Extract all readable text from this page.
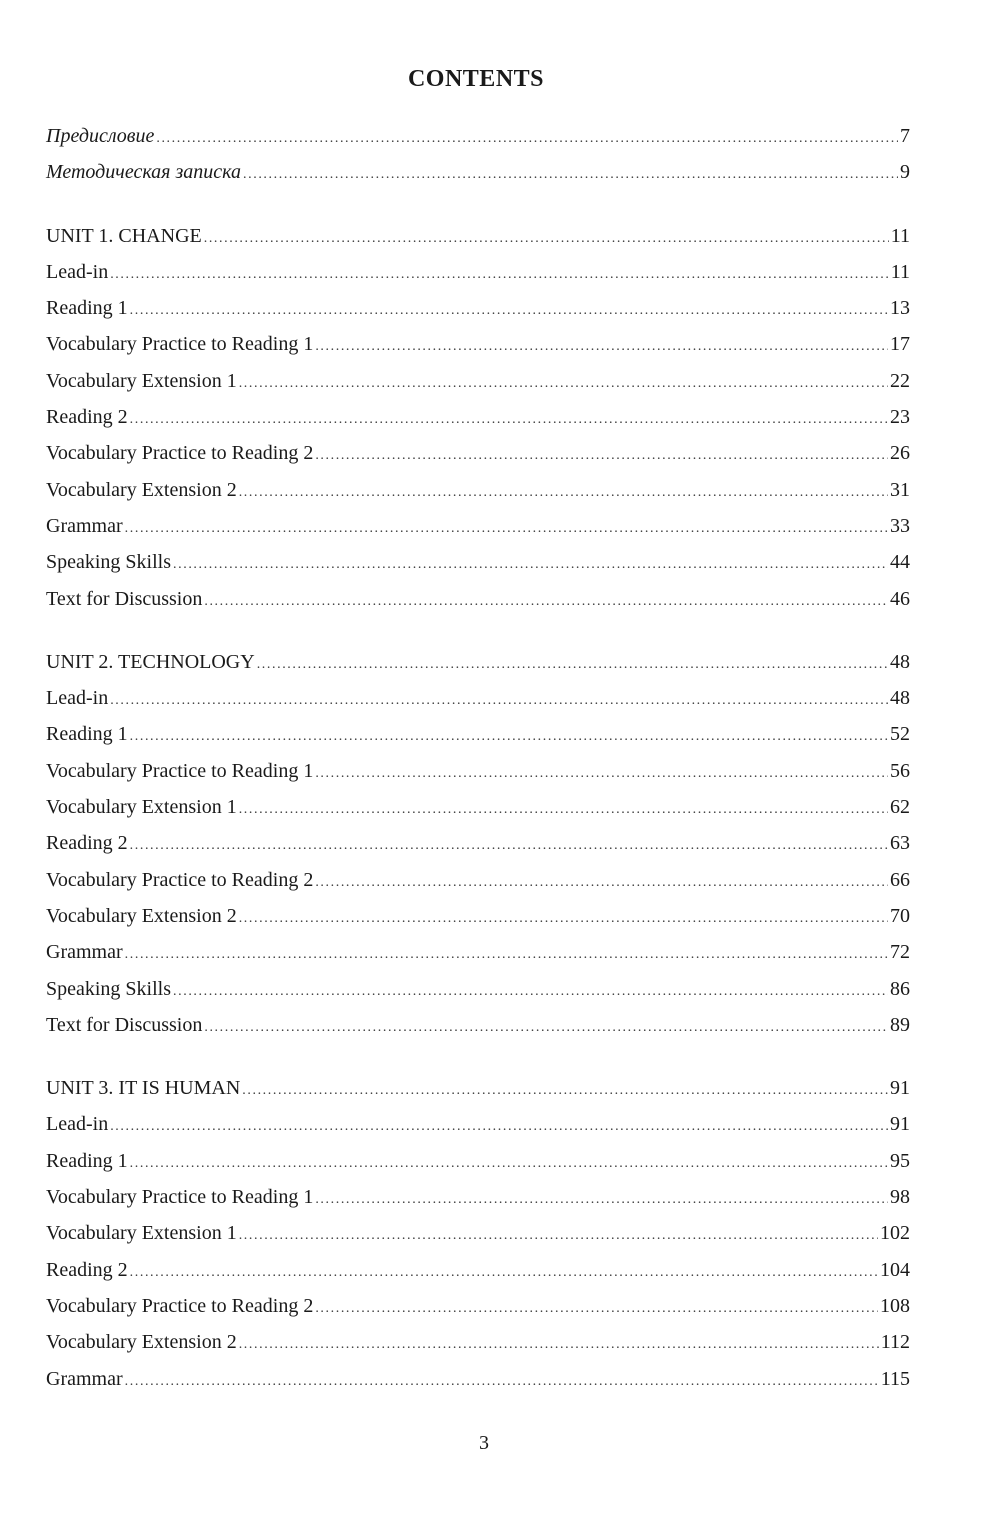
CONTENTS
Предисловие .....	7
Методическая записка .....	9
UNIT 1. CHANGE .....	11
Lead-in .....	11
Reading 1 .....	13
Vocabulary Practice to Reading 1 .....	17
Vocabulary Extension 1 .....	22
Reading 2 .....	23
Vocabulary Practice to Reading 2 .....	26
Vocabulary Extension 2 .....	31
Grammar .....	33
Speaking Skills .....	44
Text for Discussion .....	46
UNIT 2. TECHNOLOGY .....	48
Lead-in .....	48
Reading 1 .....	52
Vocabulary Practice to Reading 1 .....	56
Vocabulary Extension 1 .....	62
Reading 2 .....	63
Vocabulary Practice to Reading 2 .....	66
Vocabulary Extension 2 .....	70
Grammar .....	72
Speaking Skills .....	86
Text for Discussion .....	89
UNIT 3. IT IS HUMAN .....	91
Lead-in .....	91
Reading 1 .....	95
Vocabulary Practice to Reading 1 .....	98
Vocabulary Extension 1 .....	102
Reading 2 .....	104
Vocabulary Practice to Reading 2 .....	108
Vocabulary Extension 2 .....	112
Grammar .....	115
3
